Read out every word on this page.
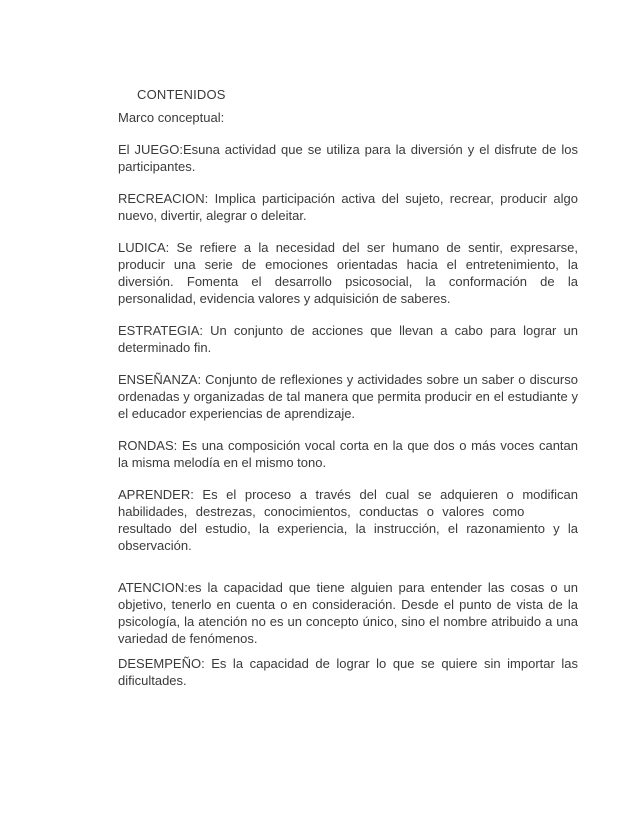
CONTENIDOS

Marco conceptual:

El JUEGO:Esuna actividad que se utiliza para la diversión y el disfrute de los participantes.

RECREACION: Implica participación activa del sujeto, recrear, producir algo nuevo, divertir, alegrar o deleitar.

LUDICA: Se refiere a la necesidad del ser humano de sentir, expresarse, producir una serie de emociones orientadas hacia el entretenimiento, la diversión. Fomenta el desarrollo psicosocial, la conformación de la personalidad, evidencia valores y adquisición de saberes.

ESTRATEGIA: Un conjunto de acciones que llevan a cabo para lograr un determinado fin.

ENSEÑANZA: Conjunto de reflexiones y actividades sobre un saber o discurso ordenadas y organizadas de tal manera que permita producir en el estudiante y el educador experiencias de aprendizaje.

RONDAS: Es una composición vocal corta en la que dos o más voces cantan la misma melodía en el mismo tono.

APRENDER: Es el proceso a través del cual se adquieren o modifican habilidades, destrezas, conocimientos, conductas o valores como        resultado del estudio, la experiencia, la instrucción, el razonamiento y la observación.

ATENCION:es la capacidad que tiene alguien para entender las cosas o un objetivo, tenerlo en cuenta o en consideración. Desde el punto de vista de la psicología, la atención no es un concepto único, sino el nombre atribuido a una variedad de fenómenos.

DESEMPEÑO: Es la capacidad de lograr lo que se quiere sin importar las dificultades.
